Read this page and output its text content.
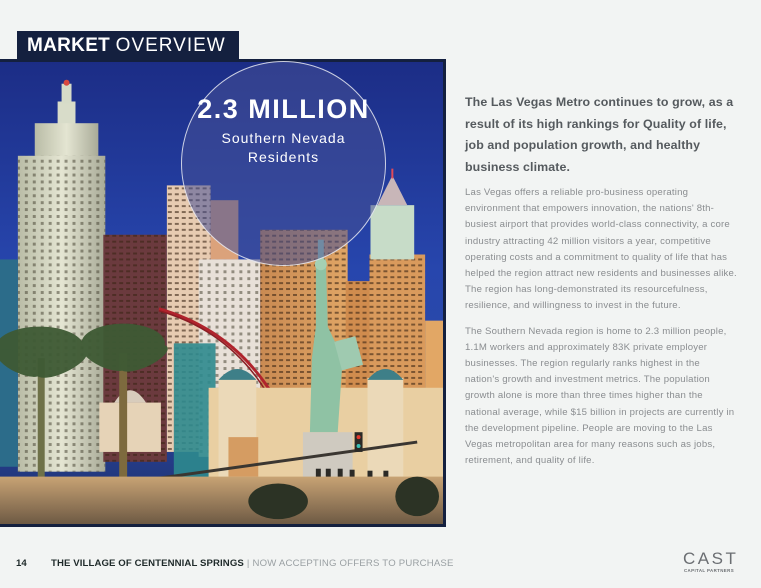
MARKET OVERVIEW
2.3 MILLION
Southern Nevada
Residents

The Las Vegas Metro continues to grow, as a result of its high rankings for Quality of life, job and population growth, and healthy business climate.

Las Vegas offers a reliable pro-business operating environment that empowers innovation, the nations' 8th-busiest airport that provides world-class connectivity, a core industry attracting 42 million visitors a year, competitive operating costs and a commitment to quality of life that has helped the region attract new residents and businesses alike.
The region has long-demonstrated its resourcefulness, resilience, and willingness to invest in the future.

The Southern Nevada region is home to 2.3 million people, 1.1M workers and approximately 83K private employer businesses. The region regularly ranks highest in the nation's growth and investment metrics. The population growth alone is more than three times higher than the national average, while $15 billion in projects are currently in the development pipeline. People are moving to the Las Vegas metropolitan area for many reasons such as jobs, retirement, and quality of life.

14	THE VILLAGE OF CENTENNIAL SPRINGS | NOW ACCEPTING OFFERS TO PURCHASE	CAST
CAPITAL PARTNERS
